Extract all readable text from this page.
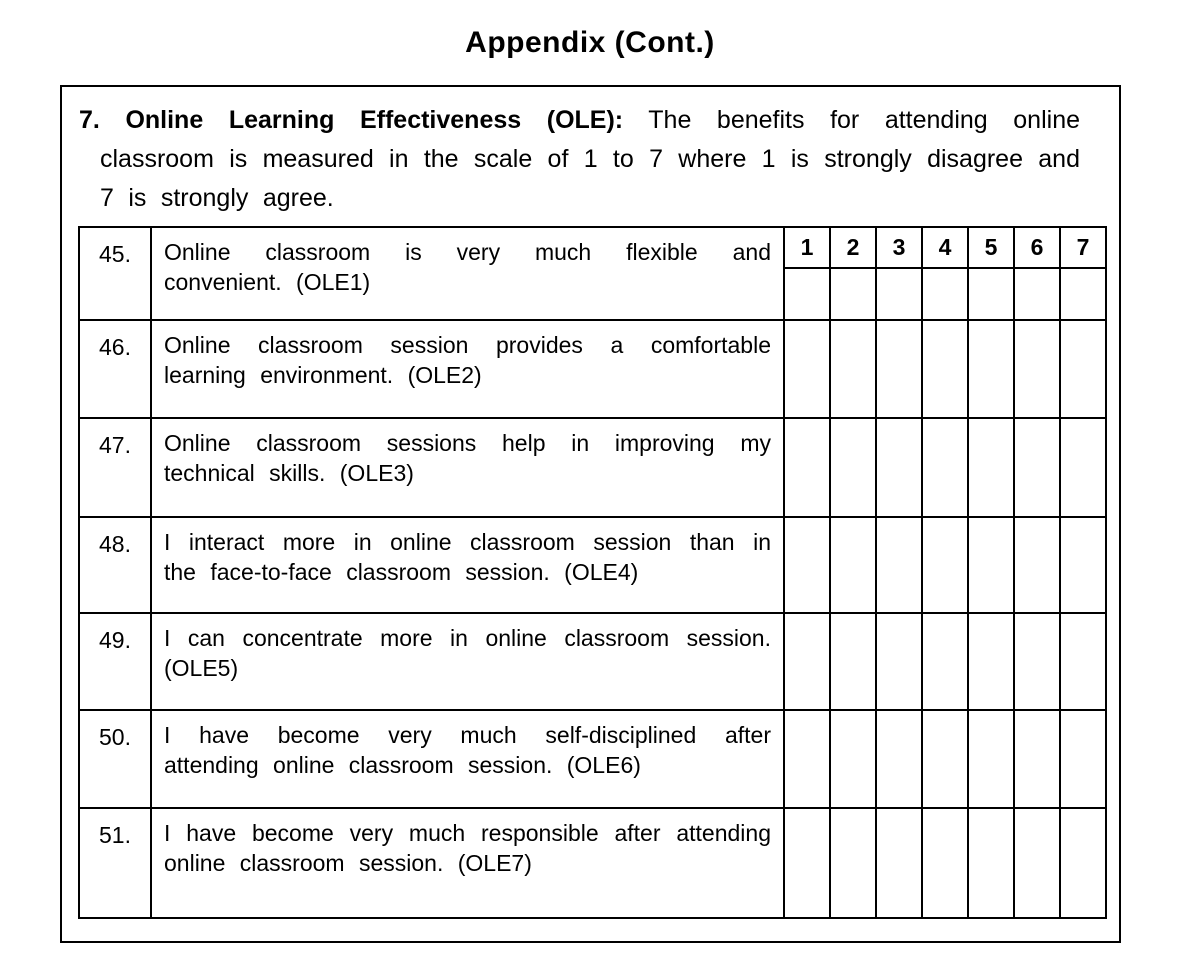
Appendix (Cont.)

7. Online Learning Effectiveness (OLE): The benefits for attending online classroom is measured in the scale of 1 to 7 where 1 is strongly disagree and 7 is strongly agree.

45.	Online classroom is very much flexible and convenient. (OLE1)	1	2	3	4	5	6	7

46.	Online classroom session provides a comfortable learning environment. (OLE2)							
47.	Online classroom sessions help in improving my technical skills. (OLE3)							
48.	I interact more in online classroom session than in the face-to-face classroom session. (OLE4)							
49.	I can concentrate more in online classroom session. (OLE5)							
50.	I have become very much self-disciplined after attending online classroom session. (OLE6)							
51.	I have become very much responsible after attending online classroom session. (OLE7)							
